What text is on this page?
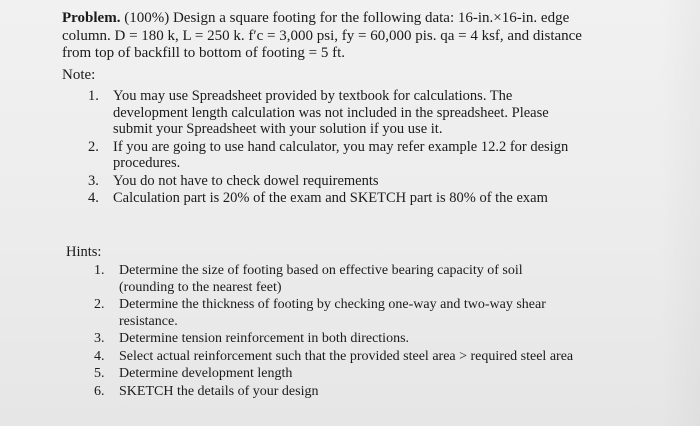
Problem. (100%) Design a square footing for the following data: 16-in.×16-in. edge
column. D = 180 k, L = 250 k. f′c = 3,000 psi, fy = 60,000 pis. qa = 4 ksf, and distance
from top of backfill to bottom of footing = 5 ft.
Note:
1. You may use Spreadsheet provided by textbook for calculations. The
development length calculation was not included in the spreadsheet. Please
submit your Spreadsheet with your solution if you use it.
2. If you are going to use hand calculator, you may refer example 12.2 for design
procedures.
3. You do not have to check dowel requirements
4. Calculation part is 20% of the exam and SKETCH part is 80% of the exam
Hints:
1.	Determine the size of footing based on effective bearing capacity of soil
(rounding to the nearest feet)
2.	Determine the thickness of footing by checking one-way and two-way shear
resistance.
3.	Determine tension reinforcement in both directions.
4.	Select actual reinforcement such that the provided steel area > required steel area
5.	Determine development length
6.	SKETCH the details of your design
